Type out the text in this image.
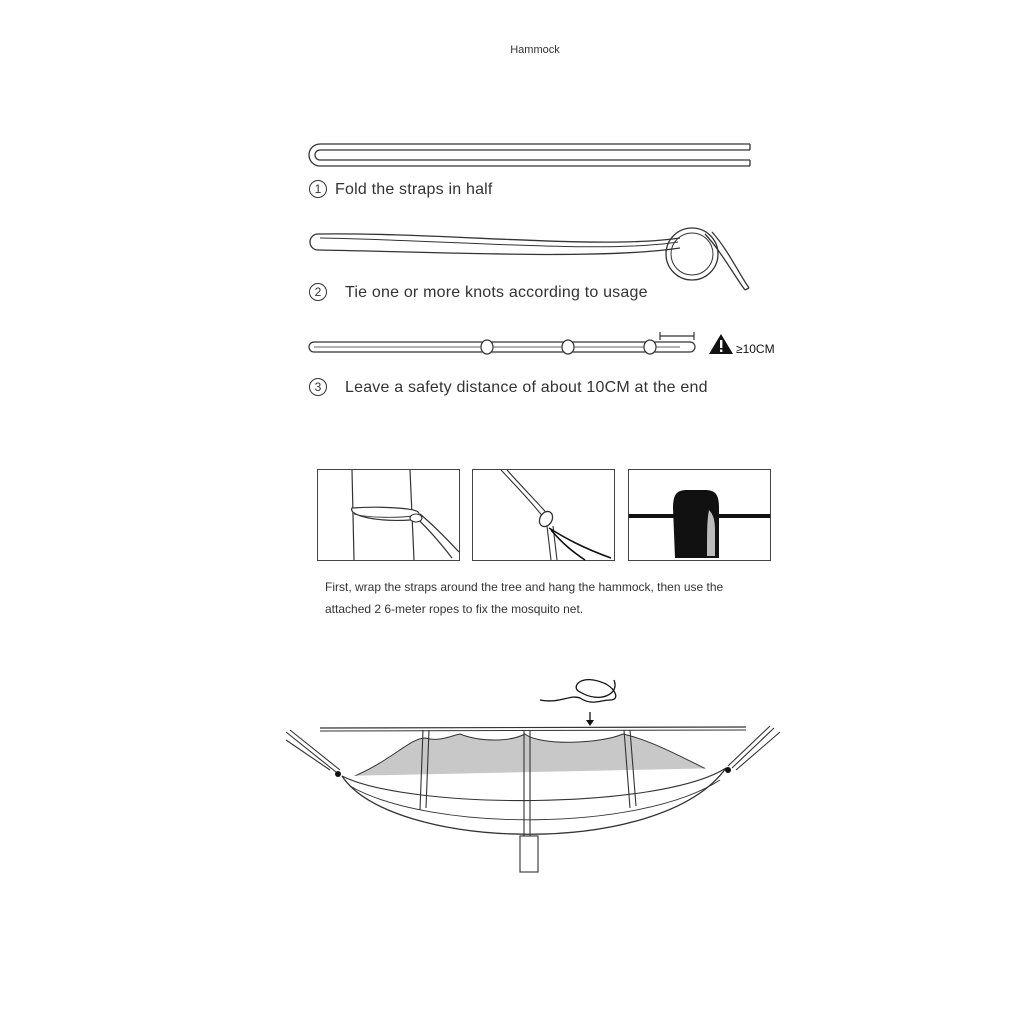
Hammock
1 Fold the straps in half
2 Tie one or more knots according to usage
≥10CM
3 Leave a safety distance of about 10CM at the end
First, wrap the straps around the tree and hang the hammock, then use the attached 2 6-meter ropes to fix the mosquito net.
